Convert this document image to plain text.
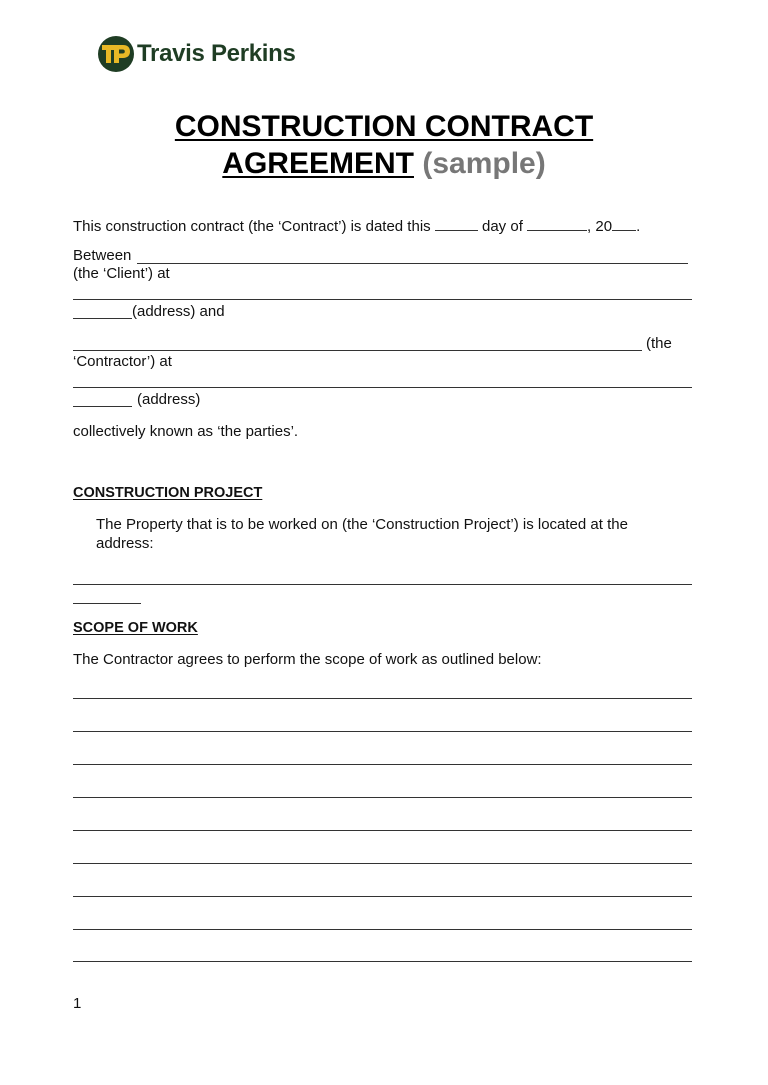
Travis Perkins
CONSTRUCTION CONTRACT
AGREEMENT (sample)
This construction contract (the ‘Contract’) is dated this	day of	, 20 .
Between
(the ‘Client’) at
(address) and
(the
‘Contractor’) at
(address)
collectively known as ‘the parties’.
CONSTRUCTION PROJECT
The Property that is to be worked on (the ‘Construction Project’) is located at the
address:
SCOPE OF WORK
The Contractor agrees to perform the scope of work as outlined below:
1
